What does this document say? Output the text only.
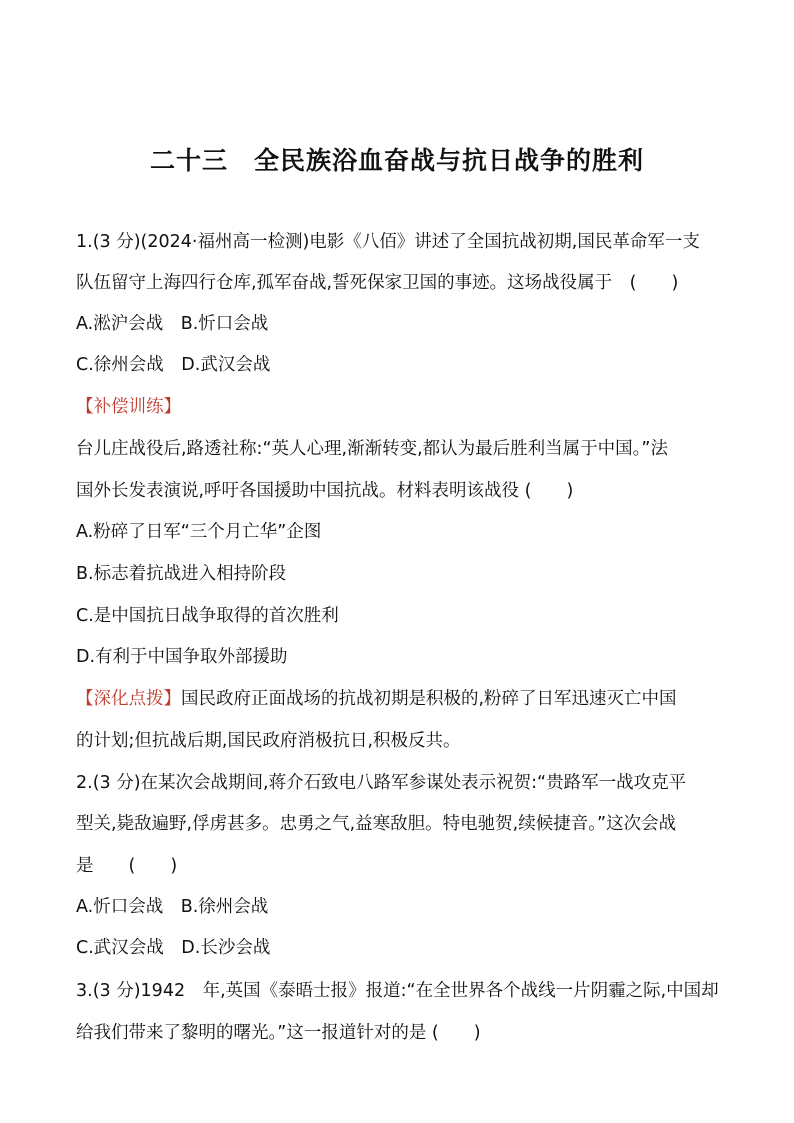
二十三　全民族浴血奋战与抗日战争的胜利
1.(3 分)(2024·福州高一检测)电影《八佰》讲述了全国抗战初期,国民革命军一支
队伍留守上海四行仓库,孤军奋战,誓死保家卫国的事迹。这场战役属于　(　　)
A.淞沪会战　B.忻口会战
C.徐州会战　D.武汉会战
【补偿训练】
台儿庄战役后,路透社称:“英人心理,渐渐转变,都认为最后胜利当属于中国。”法
国外长发表演说,呼吁各国援助中国抗战。材料表明该战役 (　　)
A.粉碎了日军“三个月亡华”企图
B.标志着抗战进入相持阶段
C.是中国抗日战争取得的首次胜利
D.有利于中国争取外部援助
【深化点拨】国民政府正面战场的抗战初期是积极的,粉碎了日军迅速灭亡中国
的计划;但抗战后期,国民政府消极抗日,积极反共。
2.(3 分)在某次会战期间,蒋介石致电八路军参谋处表示祝贺:“贵路军一战攻克平
型关,毙敌遍野,俘虏甚多。忠勇之气,益寒敌胆。特电驰贺,续候捷音。”这次会战
是　　(　　)
A.忻口会战　B.徐州会战
C.武汉会战　D.长沙会战
3.(3 分)1942　年,英国《泰晤士报》报道:“在全世界各个战线一片阴霾之际,中国却
给我们带来了黎明的曙光。”这一报道针对的是 (　　)
